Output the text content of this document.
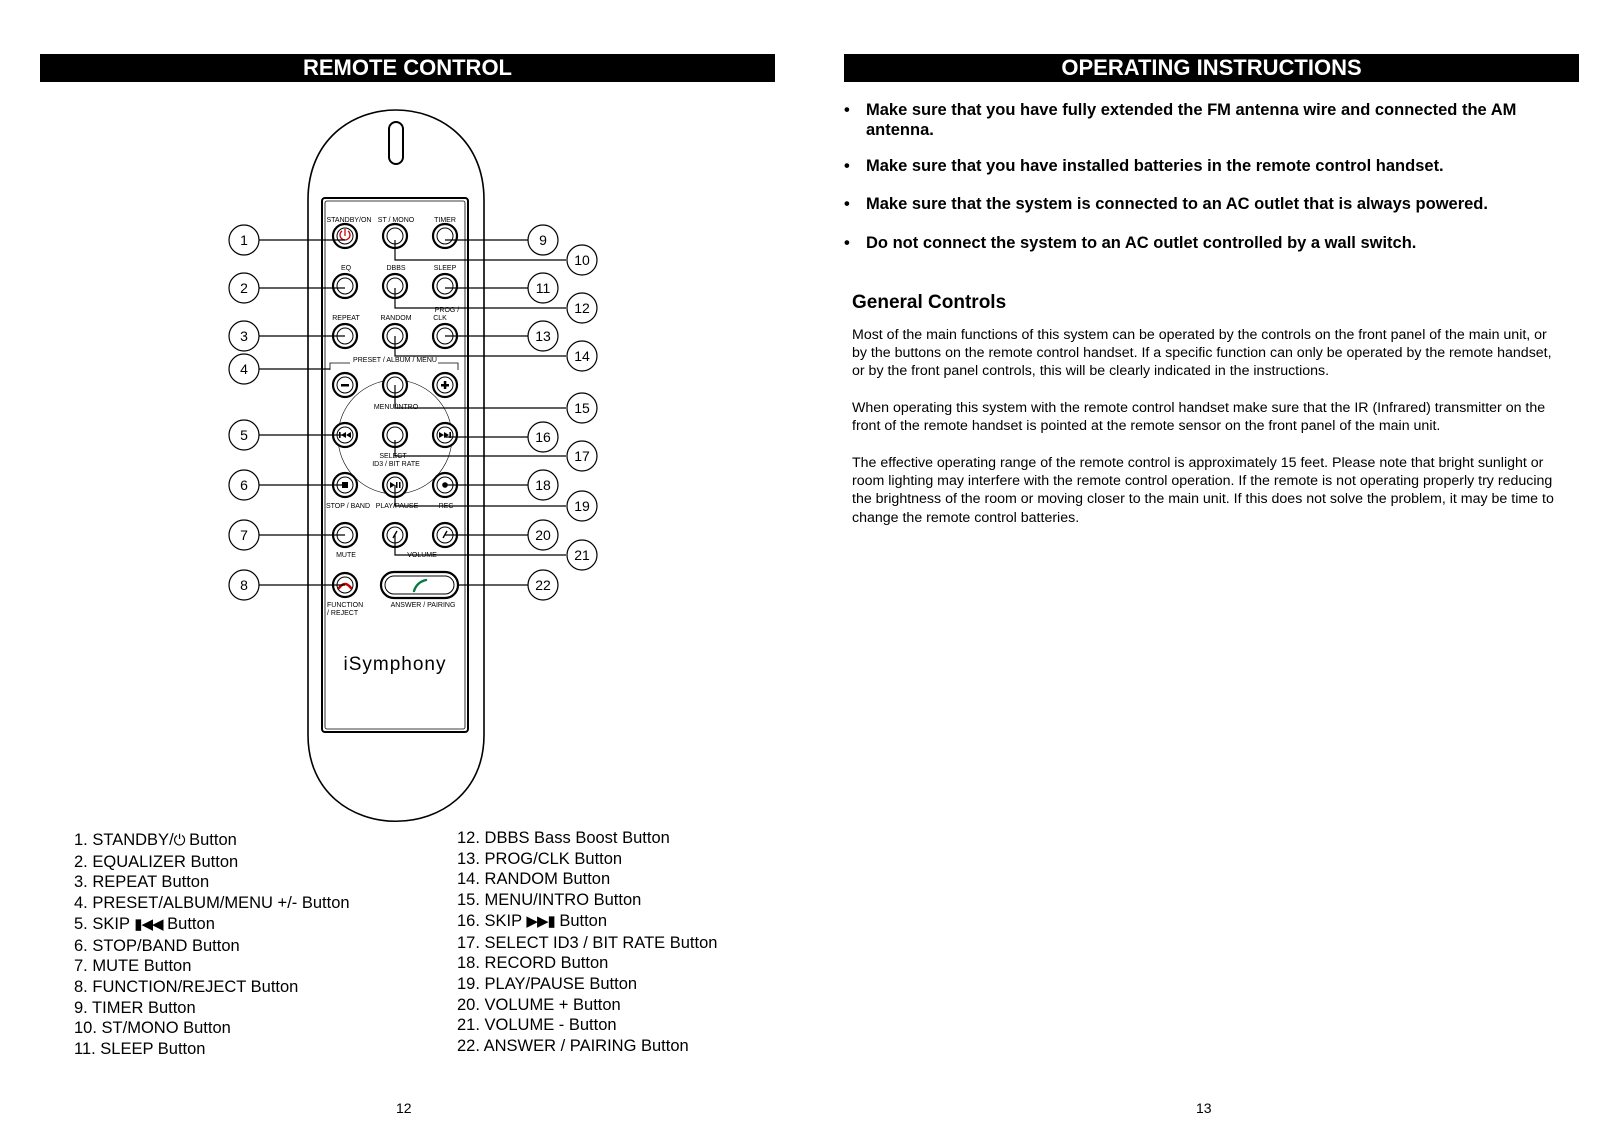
REMOTE CONTROL
STANDBY/ON ST / MONO	TIMER
EQ	DBBS	SLEEP
REPEAT	RANDOM
PROG /
CLK
PRESET / ALBUM / MENU
MENU/INTRO
SELECT
ID3 / BIT RATE
STOP / BAND PLAY/PAUSE	REC
MUTE	VOLUME
FUNCTION
/ REJECT
ANSWER / PAIRING
iSymphony
1
2
3
4
5
6
7
8
9
10
11
12
13
14
15
16
17
18
19
20
21
22
1. STANDBY/⏻ Button
2. EQUALIZER Button
3. REPEAT Button
4. PRESET/ALBUM/MENU +/- Button
5. SKIP ▮◀◀ Button
6. STOP/BAND Button
7. MUTE Button
8. FUNCTION/REJECT Button
9. TIMER Button
10. ST/MONO Button
11. SLEEP Button
12. DBBS Bass Boost Button
13. PROG/CLK Button
14. RANDOM Button
15. MENU/INTRO Button
16. SKIP ▶▶▮ Button
17. SELECT ID3 / BIT RATE Button
18. RECORD Button
19. PLAY/PAUSE Button
20. VOLUME + Button
21. VOLUME - Button
22. ANSWER / PAIRING Button
12
OPERATING INSTRUCTIONS
• Make sure that you have fully extended the FM antenna wire and connected the AM antenna.
• Make sure that you have installed batteries in the remote control handset.
• Make sure that the system is connected to an AC outlet that is always powered.
• Do not connect the system to an AC outlet controlled by a wall switch.
General Controls
Most of the main functions of this system can be operated by the controls on the front panel of the main unit, or by the buttons on the remote control handset. If a specific function can only be operated by the remote handset, or by the front panel controls, this will be clearly indicated in the instructions.
When operating this system with the remote control handset make sure that the IR (Infrared) transmitter on the front of the remote handset is pointed at the remote sensor on the front panel of the main unit.
The effective operating range of the remote control is approximately 15 feet. Please note that bright sunlight or room lighting may interfere with the remote control operation. If the remote is not operating properly try reducing the brightness of the room or moving closer to the main unit. If this does not solve the problem, it may be time to change the remote control batteries.
13
